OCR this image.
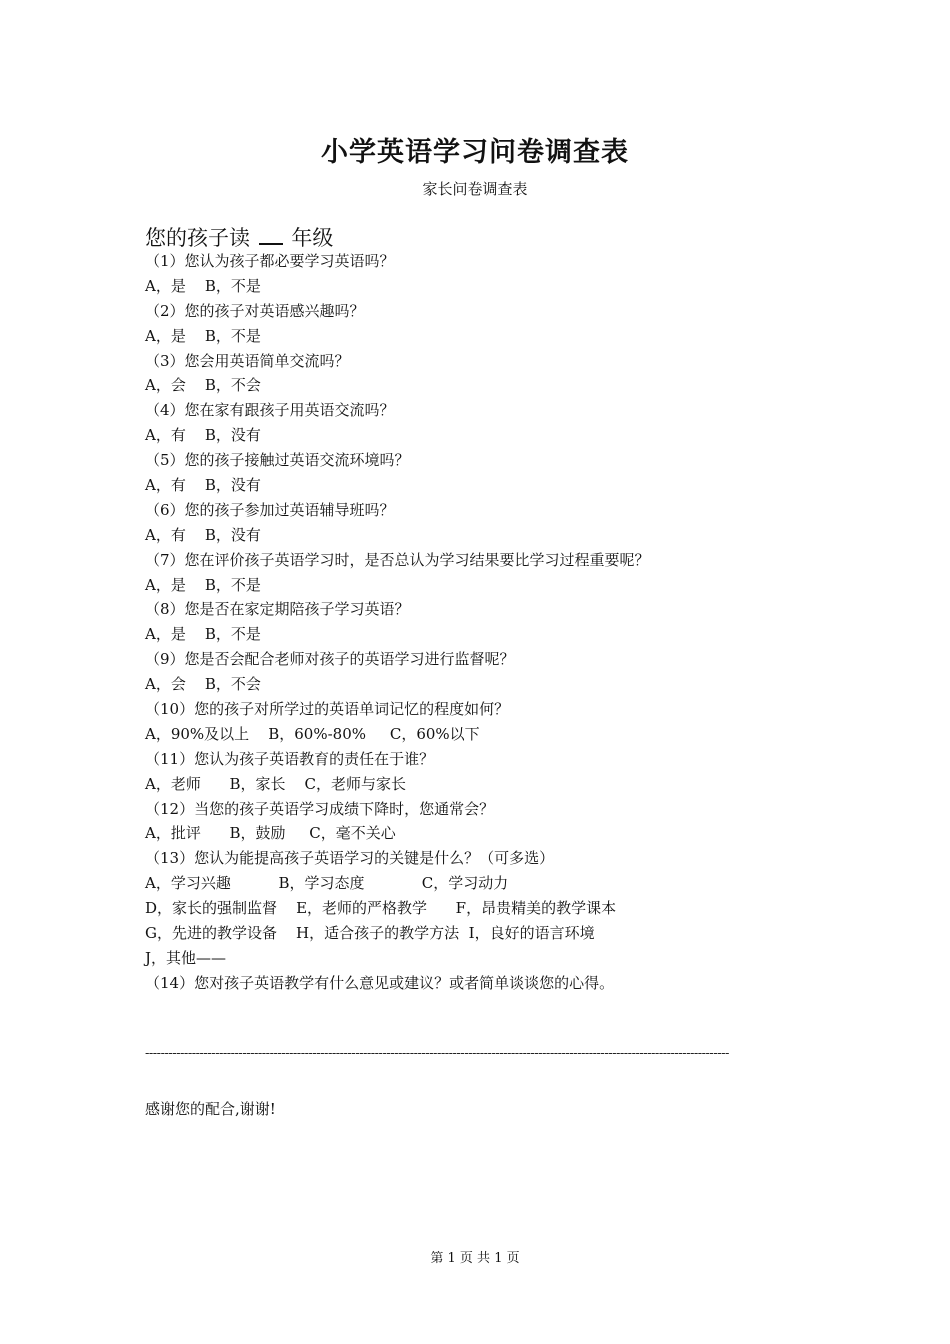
小学英语学习问卷调查表
家长问卷调查表
您的孩子读 年级
（1）您认为孩子都必要学习英语吗？
A，是    B，不是
（2）您的孩子对英语感兴趣吗？
A，是    B，不是
（3）您会用英语简单交流吗？
A，会    B，不会
（4）您在家有跟孩子用英语交流吗？
A，有    B，没有
（5）您的孩子接触过英语交流环境吗？
A，有    B，没有
（6）您的孩子参加过英语辅导班吗？
A，有    B，没有
（7）您在评价孩子英语学习时，是否总认为学习结果要比学习过程重要呢？
A，是    B，不是
（8）您是否在家定期陪孩子学习英语？
A，是    B，不是
（9）您是否会配合老师对孩子的英语学习进行监督呢？
A，会    B，不会
（10）您的孩子对所学过的英语单词记忆的程度如何？
A，90%及以上    B，60%-80%     C，60%以下
（11）您认为孩子英语教育的责任在于谁？
A，老师      B，家长    C，老师与家长
（12）当您的孩子英语学习成绩下降时，您通常会？
A，批评      B，鼓励     C，毫不关心
（13）您认为能提高孩子英语学习的关键是什么？（可多选）
A，学习兴趣          B，学习态度            C，学习动力
D，家长的强制监督    E，老师的严格教学      F，昂贵精美的教学课本
G，先进的教学设备    H，适合孩子的教学方法  I，良好的语言环境
J，其他——
（14）您对孩子英语教学有什么意见或建议？或者简单谈谈您的心得。
------------------------------------------------------------------------------------------------------------------------------------------------------
感谢您的配合,谢谢!
第 1 页 共 1 页
